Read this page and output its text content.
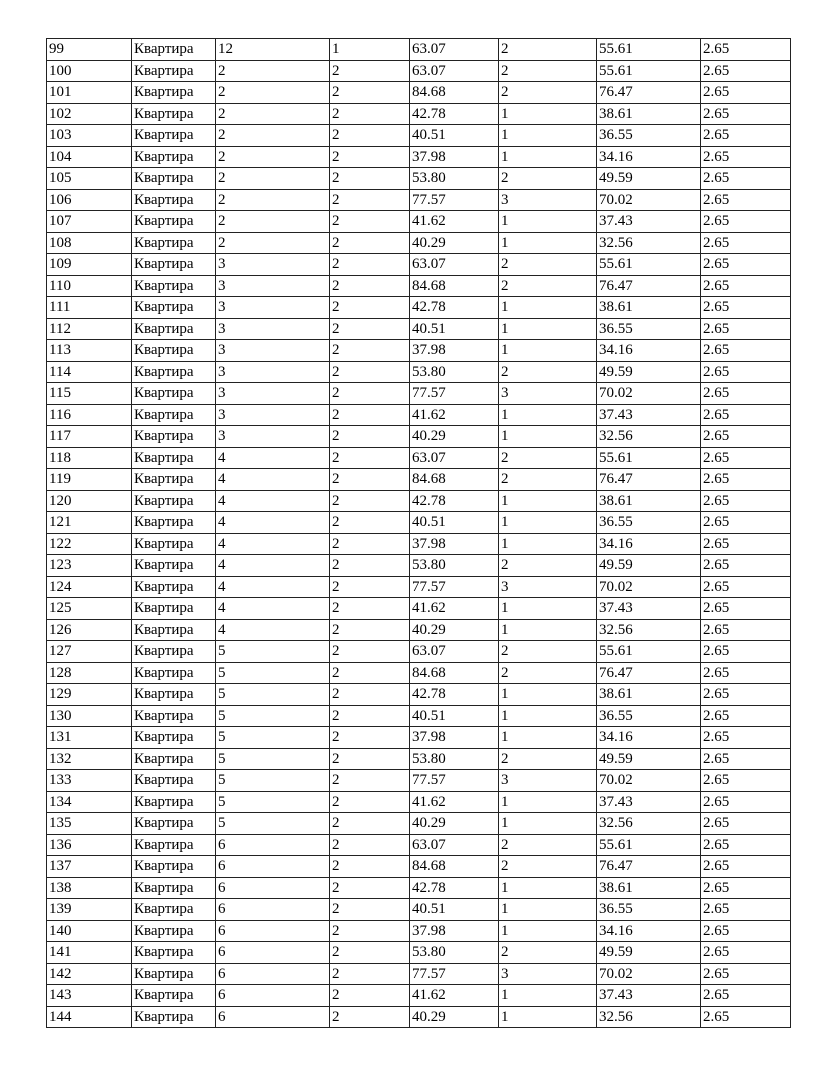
99	Квартира	12	1	63.07	2	55.61	2.65
100	Квартира	2	2	63.07	2	55.61	2.65
101	Квартира	2	2	84.68	2	76.47	2.65
102	Квартира	2	2	42.78	1	38.61	2.65
103	Квартира	2	2	40.51	1	36.55	2.65
104	Квартира	2	2	37.98	1	34.16	2.65
105	Квартира	2	2	53.80	2	49.59	2.65
106	Квартира	2	2	77.57	3	70.02	2.65
107	Квартира	2	2	41.62	1	37.43	2.65
108	Квартира	2	2	40.29	1	32.56	2.65
109	Квартира	3	2	63.07	2	55.61	2.65
110	Квартира	3	2	84.68	2	76.47	2.65
111	Квартира	3	2	42.78	1	38.61	2.65
112	Квартира	3	2	40.51	1	36.55	2.65
113	Квартира	3	2	37.98	1	34.16	2.65
114	Квартира	3	2	53.80	2	49.59	2.65
115	Квартира	3	2	77.57	3	70.02	2.65
116	Квартира	3	2	41.62	1	37.43	2.65
117	Квартира	3	2	40.29	1	32.56	2.65
118	Квартира	4	2	63.07	2	55.61	2.65
119	Квартира	4	2	84.68	2	76.47	2.65
120	Квартира	4	2	42.78	1	38.61	2.65
121	Квартира	4	2	40.51	1	36.55	2.65
122	Квартира	4	2	37.98	1	34.16	2.65
123	Квартира	4	2	53.80	2	49.59	2.65
124	Квартира	4	2	77.57	3	70.02	2.65
125	Квартира	4	2	41.62	1	37.43	2.65
126	Квартира	4	2	40.29	1	32.56	2.65
127	Квартира	5	2	63.07	2	55.61	2.65
128	Квартира	5	2	84.68	2	76.47	2.65
129	Квартира	5	2	42.78	1	38.61	2.65
130	Квартира	5	2	40.51	1	36.55	2.65
131	Квартира	5	2	37.98	1	34.16	2.65
132	Квартира	5	2	53.80	2	49.59	2.65
133	Квартира	5	2	77.57	3	70.02	2.65
134	Квартира	5	2	41.62	1	37.43	2.65
135	Квартира	5	2	40.29	1	32.56	2.65
136	Квартира	6	2	63.07	2	55.61	2.65
137	Квартира	6	2	84.68	2	76.47	2.65
138	Квартира	6	2	42.78	1	38.61	2.65
139	Квартира	6	2	40.51	1	36.55	2.65
140	Квартира	6	2	37.98	1	34.16	2.65
141	Квартира	6	2	53.80	2	49.59	2.65
142	Квартира	6	2	77.57	3	70.02	2.65
143	Квартира	6	2	41.62	1	37.43	2.65
144	Квартира	6	2	40.29	1	32.56	2.65
